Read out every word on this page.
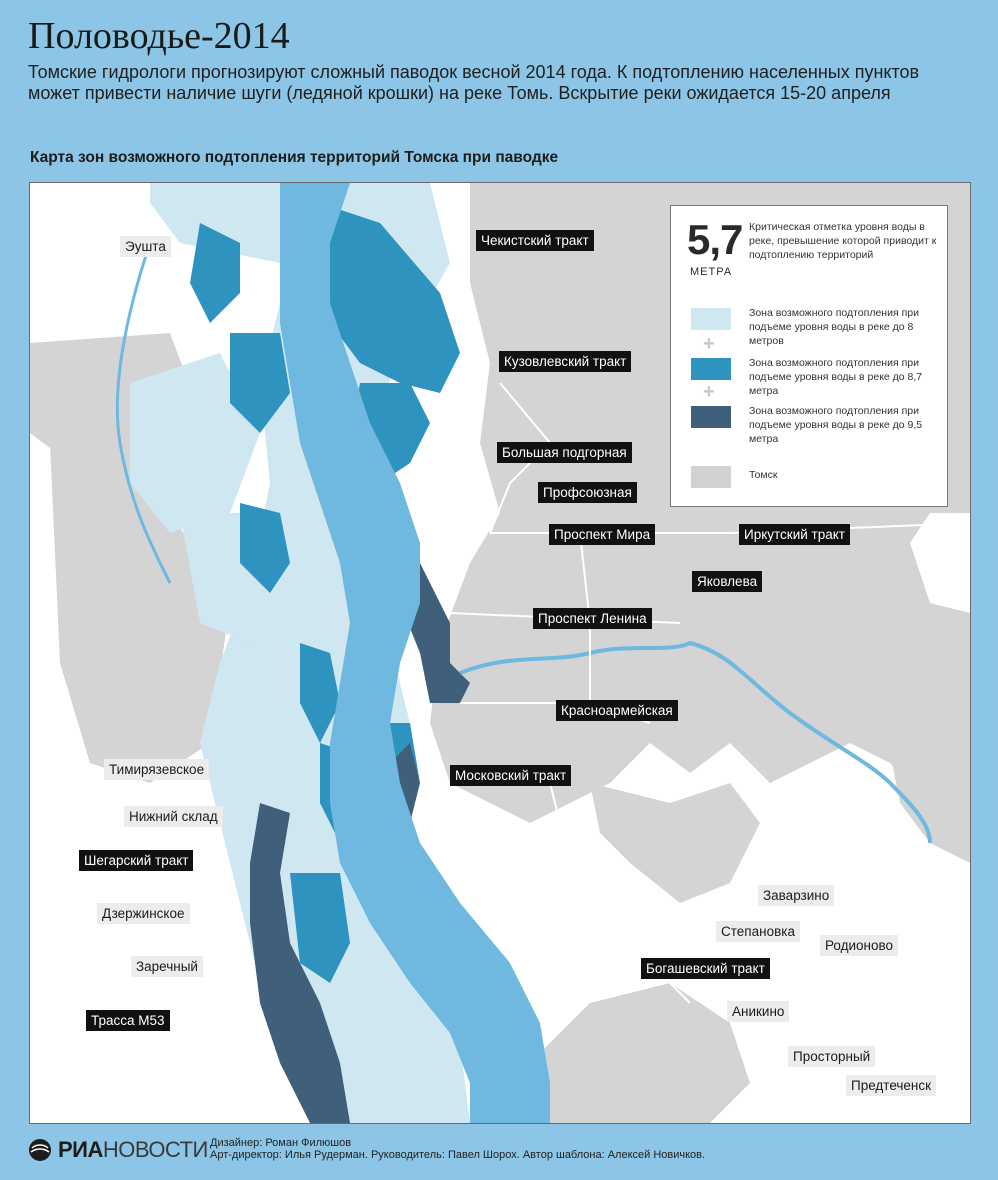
Половодье-2014

Томские гидрологи прогнозируют сложный паводок весной 2014 года. К подтоплению населенных пунктов может привести наличие шуги (ледяной крошки) на реке Томь. Вскрытие реки ожидается 15-20 апреля

Карта зон возможного подтопления территорий Томска при паводке
5,7
МЕТРА
Критическая отметка уровня воды в реке, превышение которой приводит к подтоплению территорий
Зона возможного подтопления при подъеме уровня воды в реке до 8 метров
+
Зона возможного подтопления при подъеме уровня воды в реке до 8,7 метра
+
Зона возможного подтопления при подъеме уровня воды в реке до 9,5 метра
Томск
Чекистский тракт
Кузовлевский тракт
Большая подгорная
Профсоюзная
Проспект Мира	Иркутский тракт
Яковлева
Проспект Ленина
Красноармейская
Московский тракт
Шегарский тракт
Трасса М53
Богашевский тракт
Эушта
Тимирязевское
Нижний склад
Дзержинское
Заречный
Заварзино
Степановка
Родионово
Аникино
Просторный
Предтеченск
РИАНОВОСТИ Дизайнер: Роман Филюшов
Арт-директор: Илья Рудерман. Руководитель: Павел Шорох. Автор шаблона: Алексей Новичков.
